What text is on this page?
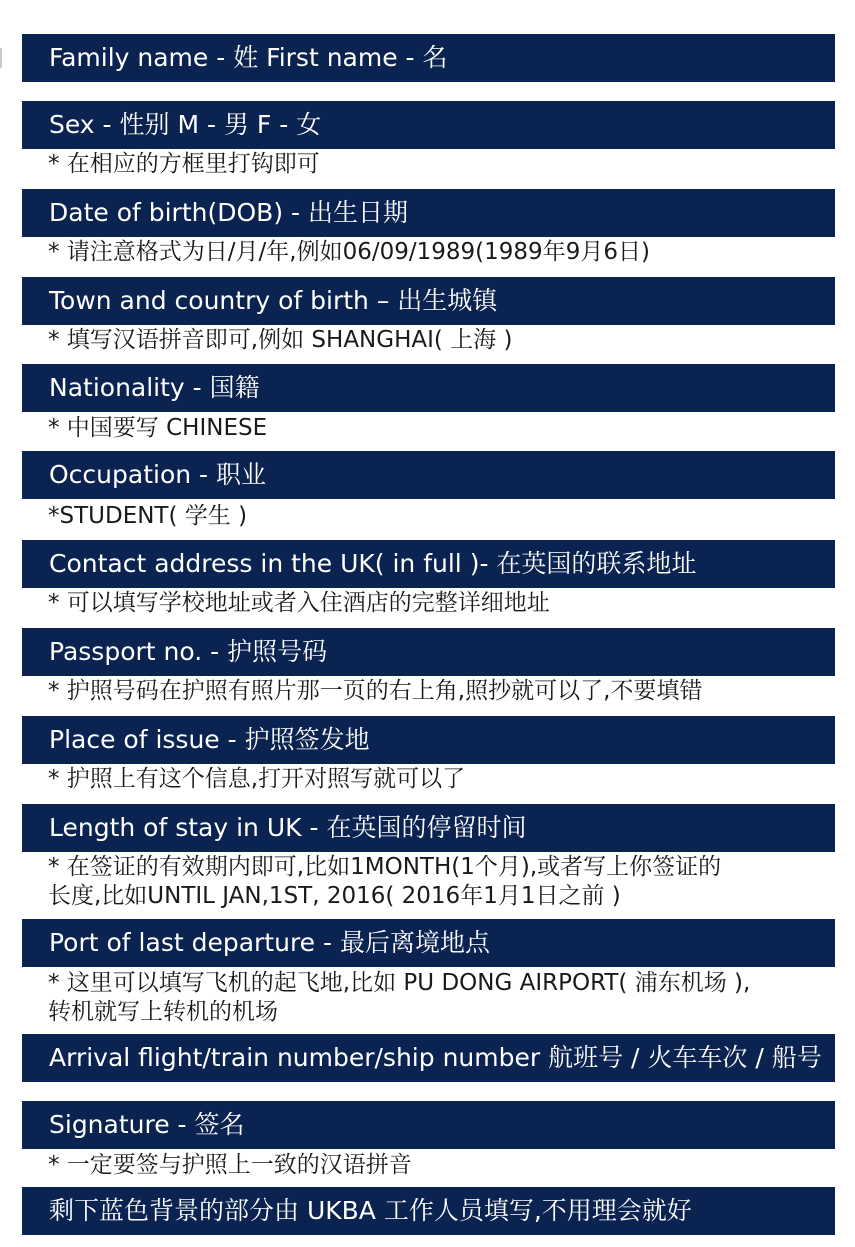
Family name - 姓 First name - 名
Sex - 性别 M - 男 F - 女
* 在相应的方框里打钩即可
Date of birth(DOB) - 出生日期
* 请注意格式为日/月/年,例如06/09/1989(1989年9月6日)
Town and country of birth – 出生城镇
* 填写汉语拼音即可,例如 SHANGHAI( 上海 )
Nationality - 国籍
* 中国要写 CHINESE
Occupation - 职业
*STUDENT( 学生 )
Contact address in the UK( in full )- 在英国的联系地址
* 可以填写学校地址或者入住酒店的完整详细地址
Passport no. - 护照号码
* 护照号码在护照有照片那一页的右上角,照抄就可以了,不要填错
Place of issue - 护照签发地
* 护照上有这个信息,打开对照写就可以了
Length of stay in UK - 在英国的停留时间
* 在签证的有效期内即可,比如1MONTH(1个月),或者写上你签证的
长度,比如UNTIL JAN,1ST, 2016( 2016年1月1日之前 )
Port of last departure - 最后离境地点
* 这里可以填写飞机的起飞地,比如 PU DONG AIRPORT( 浦东机场 ),
转机就写上转机的机场
Arrival flight/train number/ship number 航班号 / 火车车次 / 船号
Signature - 签名
* 一定要签与护照上一致的汉语拼音
剩下蓝色背景的部分由 UKBA 工作人员填写,不用理会就好
